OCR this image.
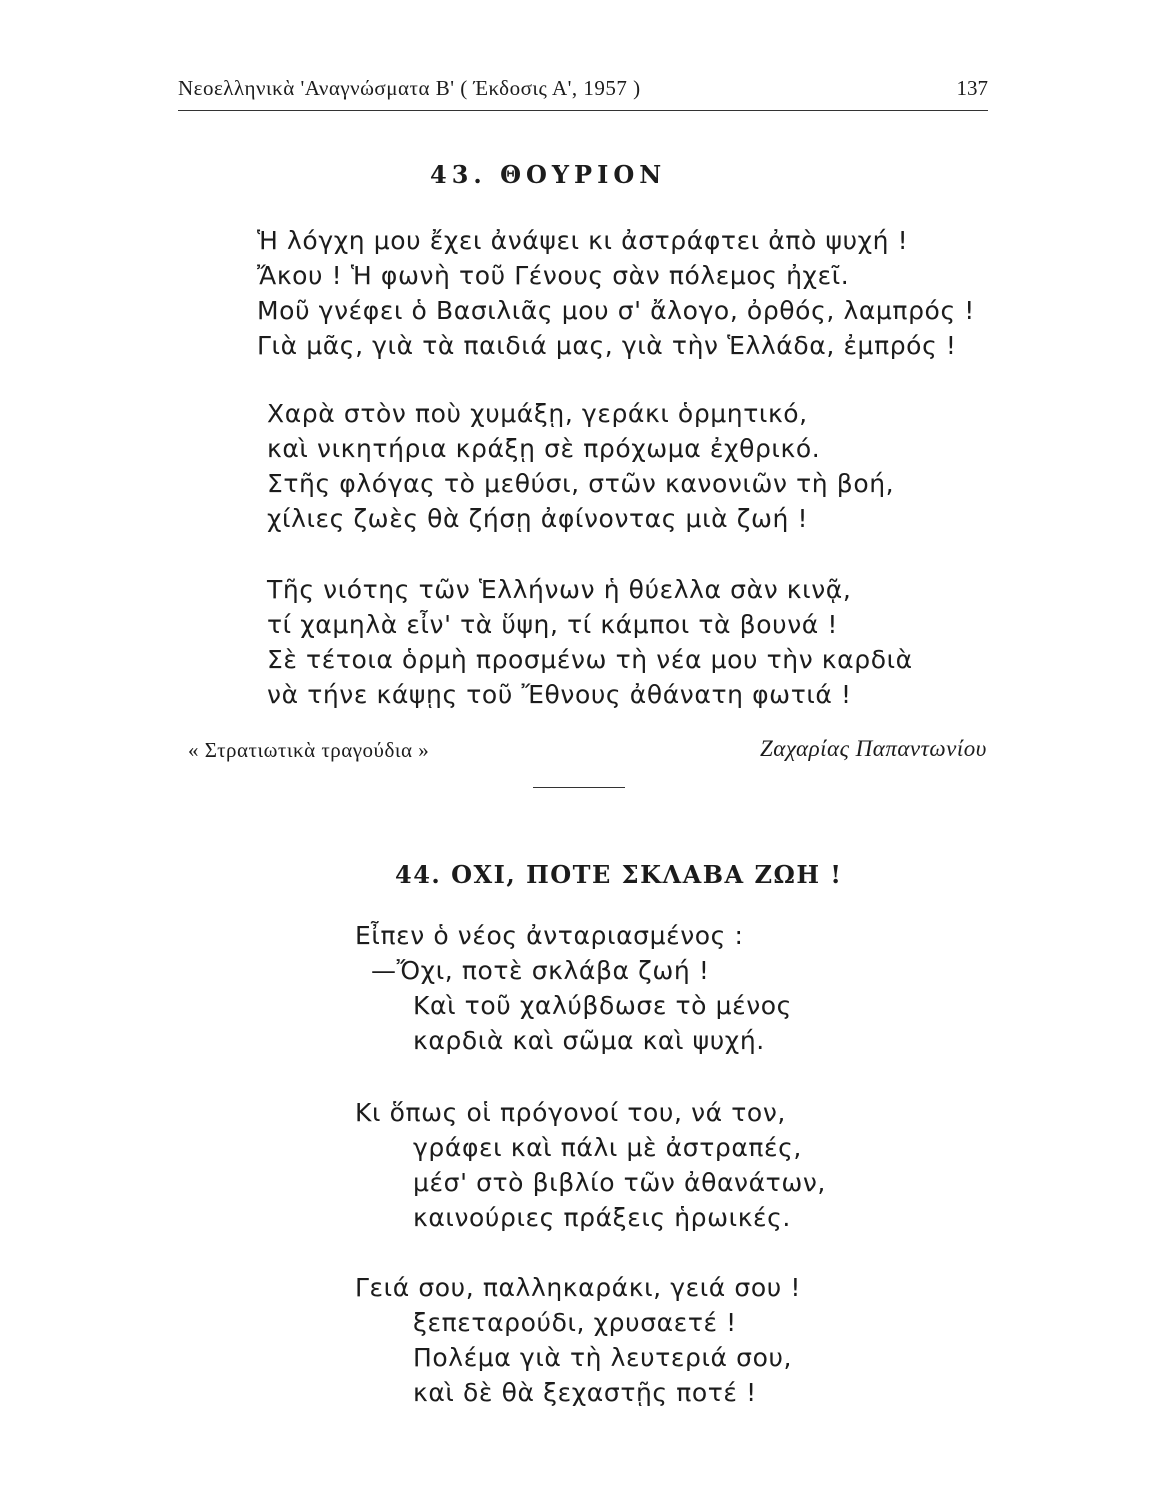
Νεοελληνικὰ 'Αναγνώσματα Β' ( Έκδοσις Α', 1957 )	137
43. ΘΟΥΡΙΟΝ
Ἡ λόγχη μου ἔχει ἀνάψει κι ἀστράφτει ἀπὸ ψυχή !
Ἄκου ! Ἡ φωνὴ τοῦ Γένους σὰν πόλεμος ἠχεῖ.
Μοῦ γνέφει ὁ Βασιλιᾶς μου σ' ἄλογο, ὀρθός, λαμπρός !
Γιὰ μᾶς, γιὰ τὰ παιδιά μας, γιὰ τὴν Ἑλλάδα, ἐμπρός !
Χαρὰ στὸν ποὺ χυμάξῃ, γεράκι ὁρμητικό,
καὶ νικητήρια κράξῃ σὲ πρόχωμα ἐχθρικό.
Στῆς φλόγας τὸ μεθύσι, στῶν κανονιῶν τὴ βοή,
χίλιες ζωὲς θὰ ζήσῃ ἀφίνοντας μιὰ ζωή !
Τῆς νιότης τῶν Ἑλλήνων ἡ θύελλα σὰν κινᾷ,
τί χαμηλὰ εἶν' τὰ ὕψη, τί κάμποι τὰ βουνά !
Σὲ τέτοια ὁρμὴ προσμένω τὴ νέα μου τὴν καρδιὰ
νὰ τήνε κάψῃς τοῦ Ἔθνους ἀθάνατη φωτιά !
« Στρατιωτικὰ τραγούδια »	Ζαχαρίας Παπαντωνίου
44. ΟΧΙ, ΠΟΤΕ ΣΚΛΑΒΑ ΖΩΗ !
Εἶπεν ὁ νέος ἀνταριασμένος :
—Ὄχι, ποτὲ σκλάβα ζωή !
Καὶ τοῦ χαλύβδωσε τὸ μένος
καρδιὰ καὶ σῶμα καὶ ψυχή.
Κι ὅπως οἱ πρόγονοί του, νά τον,
γράφει καὶ πάλι μὲ ἀστραπές,
μέσ' στὸ βιβλίο τῶν ἀθανάτων,
καινούριες πράξεις ἡρωικές.
Γειά σου, παλληκαράκι, γειά σου !
ξεπεταρούδι, χρυσαετέ !
Πολέμα γιὰ τὴ λευτεριά σου,
καὶ δὲ θὰ ξεχαστῇς ποτέ !
